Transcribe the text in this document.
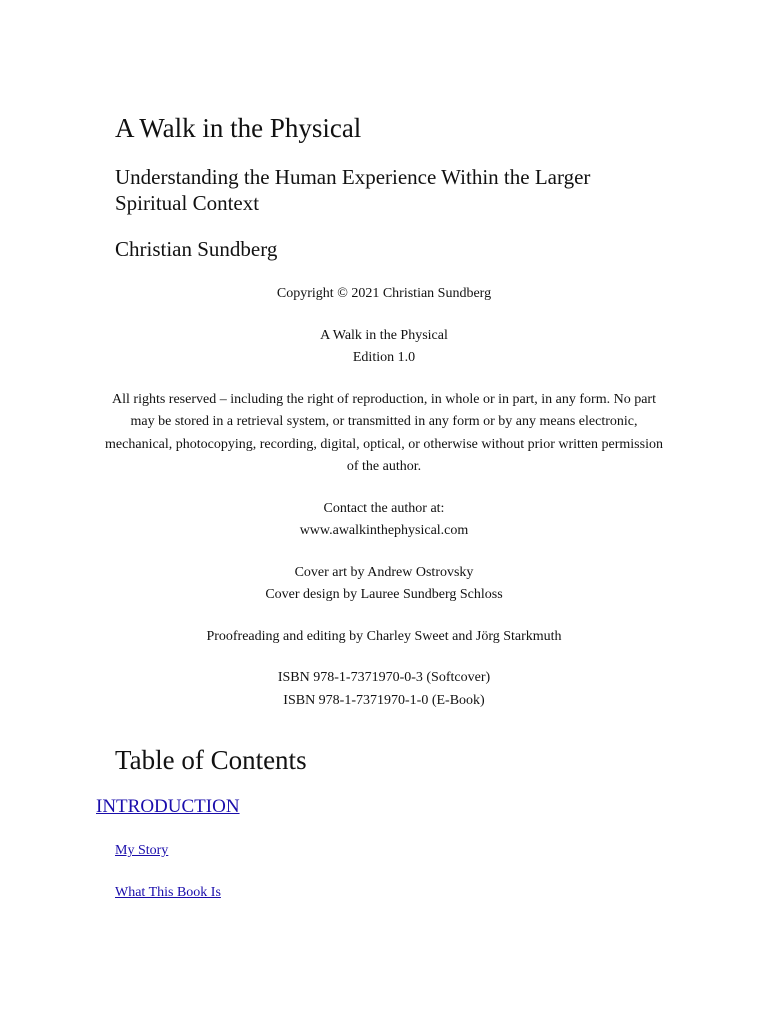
A Walk in the Physical
Understanding the Human Experience Within the Larger Spiritual Context
Christian Sundberg

Copyright © 2021 Christian Sundberg

A Walk in the Physical

Edition 1.0

All rights reserved – including the right of reproduction, in whole or in part, in any form. No part may be stored in a retrieval system, or transmitted in any form or by any means electronic, mechanical, photocopying, recording, digital, optical, or otherwise without prior written permission of the author.

Contact the author at:

www.awalkinthephysical.com

Cover art by Andrew Ostrovsky

Cover design by Lauree Sundberg Schloss

Proofreading and editing by Charley Sweet and Jörg Starkmuth

ISBN 978-1-7371970-0-3 (Softcover)

ISBN 978-1-7371970-1-0 (E-Book)

Table of Contents
INTRODUCTION
My Story
What This Book Is
